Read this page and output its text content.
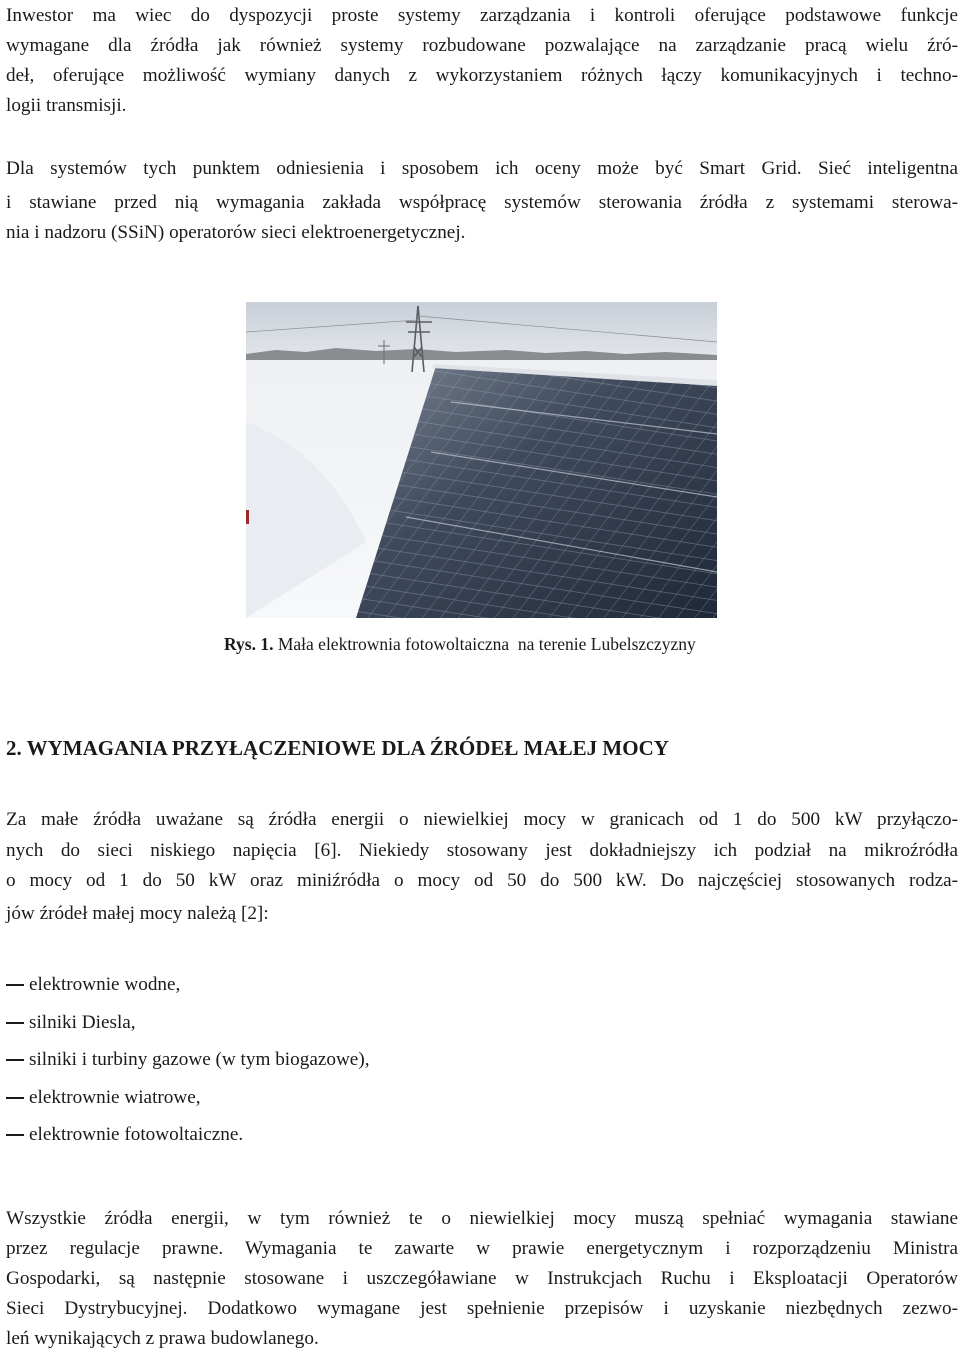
Inwestor ma wiec do dyspozycji proste systemy zarządzania i kontroli oferujące podstawowe funkcje
wymagane dla źródła jak również systemy rozbudowane pozwalające na zarządzanie pracą wielu źró-
deł, oferujące możliwość wymiany danych z wykorzystaniem różnych łączy komunikacyjnych i techno-
logii transmisji.
Dla systemów tych punktem odniesienia i sposobem ich oceny może być Smart Grid. Sieć inteligentna
i stawiane przed nią wymagania zakłada współpracę systemów sterowania źródła z systemami sterowa-
nia i nadzoru (SSiN) operatorów sieci elektroenergetycznej.
Rys. 1. Mała elektrownia fotowoltaiczna  na terenie Lubelszczyzny
2. WYMAGANIA PRZYŁĄCZENIOWE DLA ŹRÓDEŁ MAŁEJ MOCY
Za małe źródła uważane są źródła energii o niewielkiej mocy w granicach od 1 do 500 kW przyłączo-
nych do sieci niskiego napięcia [6]. Niekiedy stosowany jest dokładniejszy ich podział na mikroźródła
o mocy od 1 do 50 kW oraz miniźródła o mocy od 50 do 500 kW. Do najczęściej stosowanych rodza-
jów źródeł małej mocy należą [2]:
elektrownie wodne,
silniki Diesla,
silniki i turbiny gazowe (w tym biogazowe),
elektrownie wiatrowe,
elektrownie fotowoltaiczne.
Wszystkie źródła energii, w tym również te o niewielkiej mocy muszą spełniać wymagania stawiane
przez regulacje prawne. Wymagania te zawarte w prawie energetycznym i rozporządzeniu Ministra
Gospodarki, są następnie stosowane i uszczegóławiane w Instrukcjach Ruchu i Eksploatacji Operatorów
Sieci Dystrybucyjnej. Dodatkowo wymagane jest spełnienie przepisów i uzyskanie niezbędnych zezwo-
leń wynikających z prawa budowlanego.
